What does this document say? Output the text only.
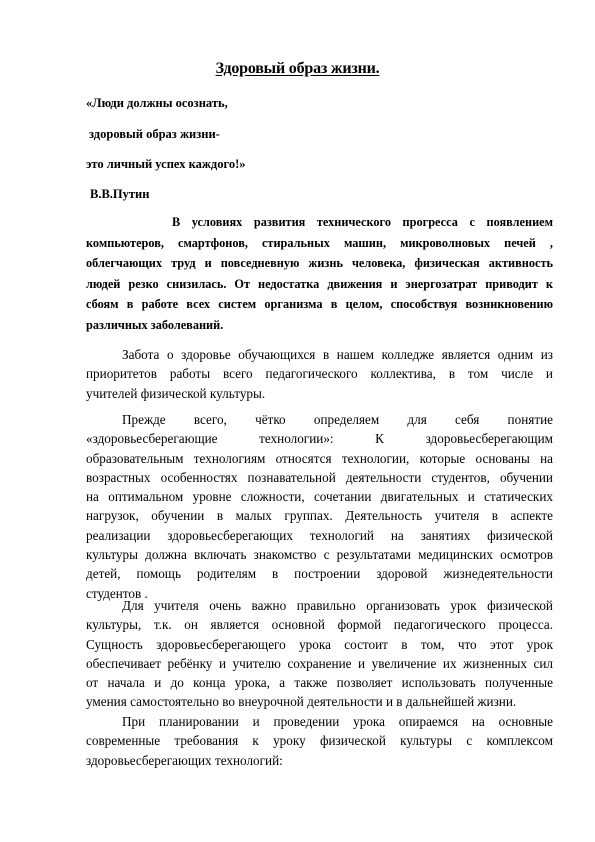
Здоровый образ жизни.
«Люди должны осознать,
здоровый образ жизни-
это личный успех каждого!»
В.В.Путин
В условиях развития технического прогресса с появлением
компьютеров, смартфонов, стиральных машин, микроволновых печей ,
облегчающих труд и повседневную жизнь человека, физическая активность
людей резко снизилась. От недостатка движения и энергозатрат приводит к
сбоям в работе всех систем организма в целом, способствуя возникновению
различных заболеваний.
Забота о здоровье обучающихся в нашем колледже является одним из
приоритетов работы всего педагогического коллектива, в том числе и
учителей физической культуры.
Прежде всего, чётко определяем для себя понятие
«здоровьесберегающие технологии»: К здоровьесберегающим
образовательным технологиям относятся технологии, которые основаны на
возрастных особенностях познавательной деятельности студентов, обучении
на оптимальном уровне сложности, сочетании двигательных и статических
нагрузок, обучении в малых группах. Деятельность учителя в аспекте
реализации здоровьесберегающих технологий на занятиях физической
культуры должна включать знакомство с результатами медицинских осмотров
детей, помощь родителям в построении здоровой жизнедеятельности
студентов .
Для учителя очень важно правильно организовать урок физической
культуры, т.к. он является основной формой педагогического процесса.
Сущность здоровьесберегающего урока состоит в том, что этот урок
обеспечивает ребёнку и учителю сохранение и увеличение их жизненных сил
от начала и до конца урока, а также позволяет использовать полученные
умения самостоятельно во внеурочной деятельности и в дальнейшей жизни.
При планировании и проведении урока опираемся на основные
современные требования к уроку физической культуры с комплексом
здоровьесберегающих технологий:
